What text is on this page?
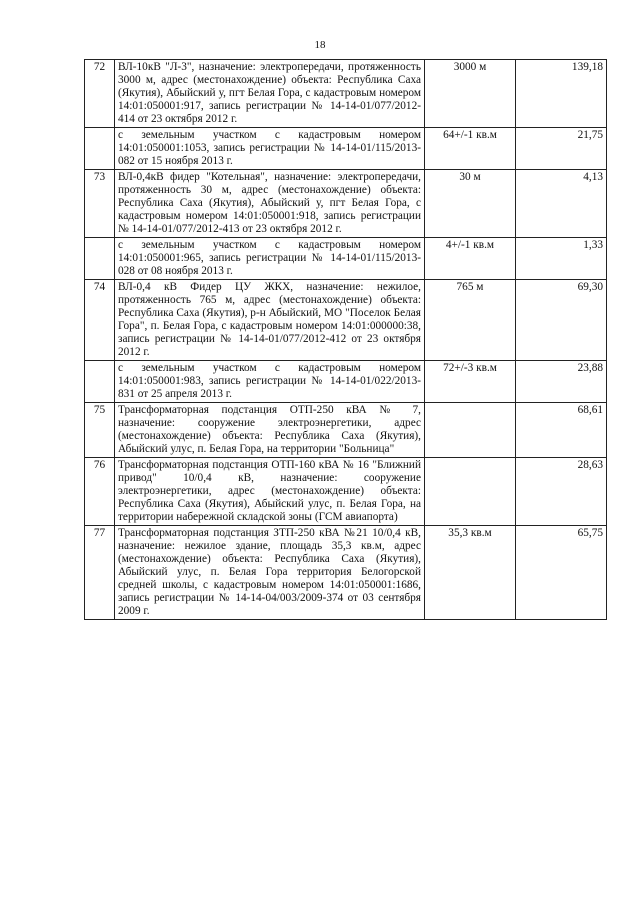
18
72	ВЛ-10кВ "Л-3", назначение: электропередачи, протяженность 3000 м, адрес (местонахождение) объекта: Республика Саха (Якутия), Абыйский у, пгт Белая Гора, с кадастровым номером 14:01:050001:917, запись регистрации № 14-14-01/077/2012-414 от 23 октября 2012 г.	3000 м	139,18
	с земельным участком с кадастровым номером 14:01:050001:1053, запись регистрации № 14-14-01/115/2013-082 от 15 ноября 2013 г.	64+/-1 кв.м	21,75
73	ВЛ-0,4кВ фидер "Котельная", назначение: электропередачи, протяженность 30 м, адрес (местонахождение) объекта: Республика Саха (Якутия), Абыйский у, пгт Белая Гора, с кадастровым номером 14:01:050001:918, запись регистрации № 14-14-01/077/2012-413 от 23 октября 2012 г.	30 м	4,13
	с земельным участком с кадастровым номером 14:01:050001:965, запись регистрации № 14-14-01/115/2013-028 от 08 ноября 2013 г.	4+/-1 кв.м	1,33
74	ВЛ-0,4 кВ Фидер ЦУ ЖКХ, назначение: нежилое, протяженность 765 м, адрес (местонахождение) объекта: Республика Саха (Якутия), р-н Абыйский, МО "Поселок Белая Гора", п. Белая Гора, с кадастровым номером 14:01:000000:38, запись регистрации № 14-14-01/077/2012-412 от 23 октября 2012 г.	765 м	69,30
	с земельным участком с кадастровым номером 14:01:050001:983, запись регистрации № 14-14-01/022/2013-831 от 25 апреля 2013 г.	72+/-3 кв.м	23,88
75	Трансформаторная подстанция ОТП-250 кВА № 7, назначение: сооружение электроэнергетики, адрес (местонахождение) объекта: Республика Саха (Якутия), Абыйский улус, п. Белая Гора, на территории "Больница"		68,61
76	Трансформаторная подстанция ОТП-160 кВА № 16 "Ближний привод" 10/0,4 кВ, назначение: сооружение электроэнергетики, адрес (местонахождение) объекта: Республика Саха (Якутия), Абыйский улус, п. Белая Гора, на территории набережной складской зоны (ГСМ авиапорта)		28,63
77	Трансформаторная подстанция ЗТП-250 кВА №21 10/0,4 кВ, назначение: нежилое здание, площадь 35,3 кв.м, адрес (местонахождение) объекта: Республика Саха (Якутия), Абыйский улус, п. Белая Гора территория Белогорской средней школы, с кадастровым номером 14:01:050001:1686, запись регистрации № 14-14-04/003/2009-374 от 03 сентября 2009 г.	35,3 кв.м	65,75
